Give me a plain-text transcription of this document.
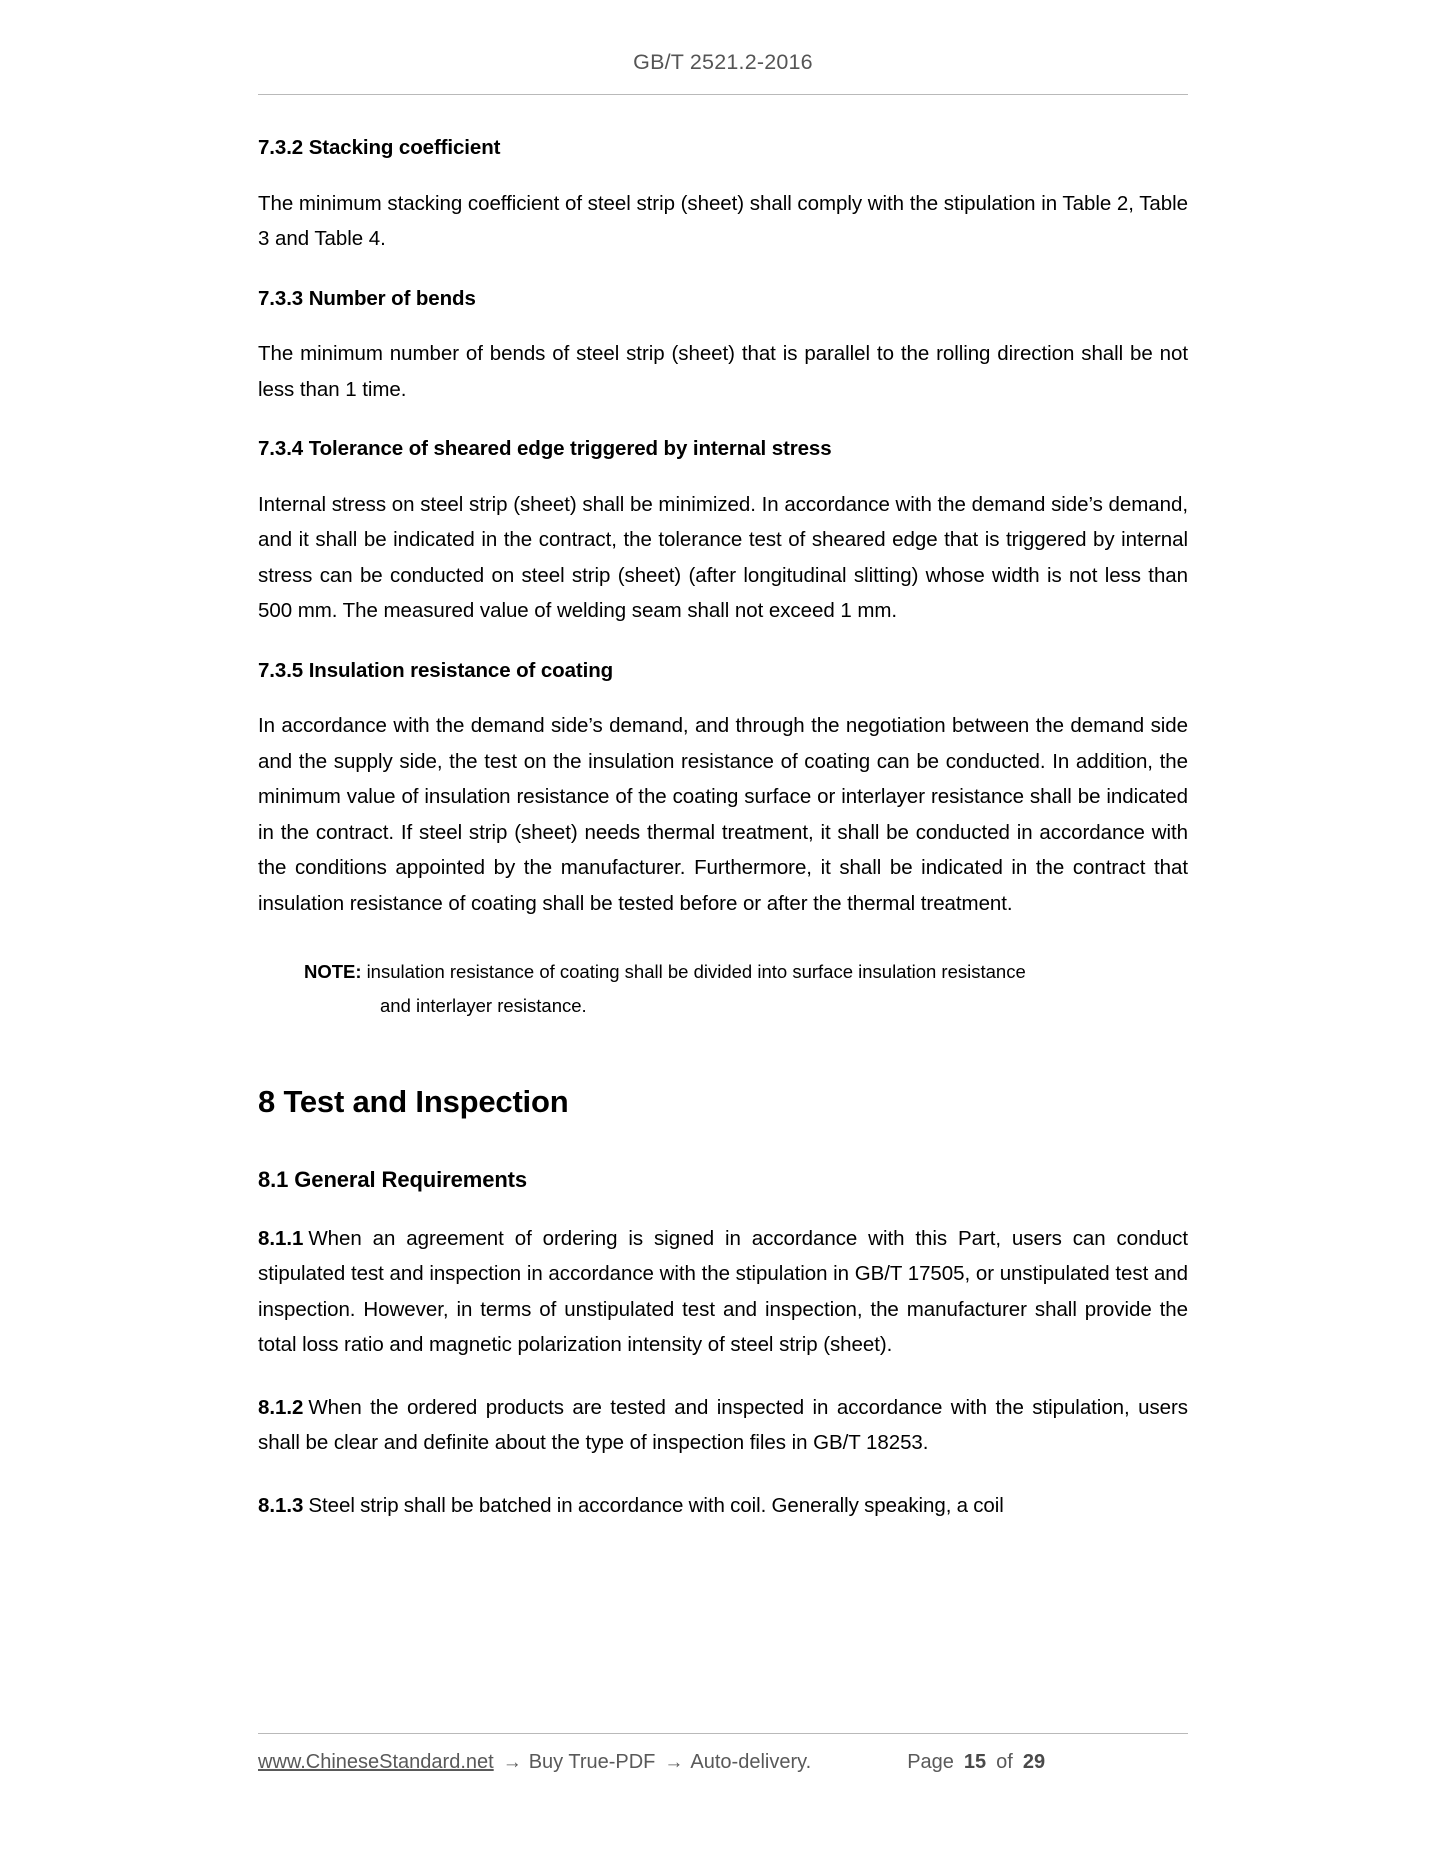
GB/T 2521.2-2016
7.3.2 Stacking coefficient
The minimum stacking coefficient of steel strip (sheet) shall comply with the stipulation in Table 2, Table 3 and Table 4.
7.3.3 Number of bends
The minimum number of bends of steel strip (sheet) that is parallel to the rolling direction shall be not less than 1 time.
7.3.4 Tolerance of sheared edge triggered by internal stress
Internal stress on steel strip (sheet) shall be minimized. In accordance with the demand side’s demand, and it shall be indicated in the contract, the tolerance test of sheared edge that is triggered by internal stress can be conducted on steel strip (sheet) (after longitudinal slitting) whose width is not less than 500 mm. The measured value of welding seam shall not exceed 1 mm.
7.3.5 Insulation resistance of coating
In accordance with the demand side’s demand, and through the negotiation between the demand side and the supply side, the test on the insulation resistance of coating can be conducted. In addition, the minimum value of insulation resistance of the coating surface or interlayer resistance shall be indicated in the contract. If steel strip (sheet) needs thermal treatment, it shall be conducted in accordance with the conditions appointed by the manufacturer. Furthermore, it shall be indicated in the contract that insulation resistance of coating shall be tested before or after the thermal treatment.
NOTE: insulation resistance of coating shall be divided into surface insulation resistance
and interlayer resistance.
8 Test and Inspection
8.1 General Requirements
8.1.1 When an agreement of ordering is signed in accordance with this Part, users can conduct stipulated test and inspection in accordance with the stipulation in GB/T 17505, or unstipulated test and inspection. However, in terms of unstipulated test and inspection, the manufacturer shall provide the total loss ratio and magnetic polarization intensity of steel strip (sheet).
8.1.2 When the ordered products are tested and inspected in accordance with the stipulation, users shall be clear and definite about the type of inspection files in GB/T 18253.
8.1.3 Steel strip shall be batched in accordance with coil. Generally speaking, a coil
www.ChineseStandard.net → Buy True-PDF → Auto-delivery.	Page 15 of 29
